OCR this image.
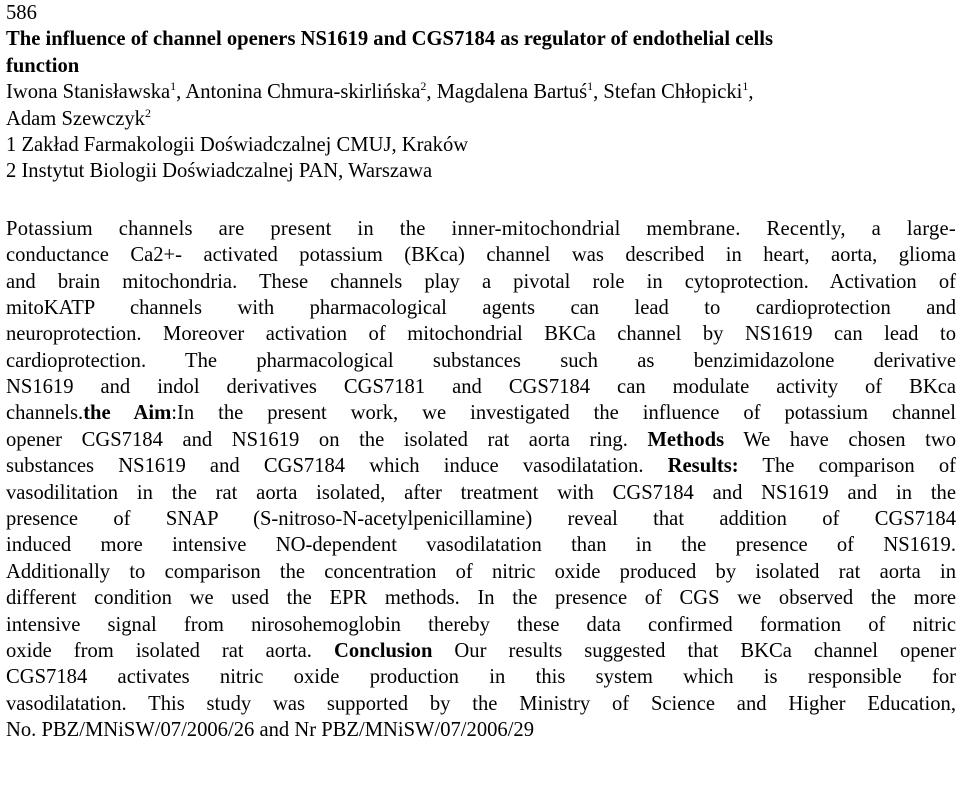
586
The influence of channel openers NS1619 and CGS7184 as regulator of endothelial cells
function
Iwona Stanisławska$^1$, Antonina Chmura-skirlińska$^2$, Magdalena Bartuś$^1$, Stefan Chłopicki$^1$,
Adam Szewczyk$^2$
1 Zakład Farmakologii Doświadczalnej CMUJ, Kraków
2 Instytut Biologii Doświadczalnej PAN, Warszawa
Potassium channels are present in the inner-mitochondrial membrane. Recently, a large-
conductance Ca2+- activated potassium (BKca) channel was described in heart, aorta, glioma
and brain mitochondria. These channels play a pivotal role in cytoprotection. Activation of
mitoKATP channels with pharmacological agents can lead to cardioprotection and
neuroprotection. Moreover activation of mitochondrial BKCa channel by NS1619 can lead to
cardioprotection. The pharmacological substances such as benzimidazolone derivative
NS1619 and indol derivatives CGS7181 and CGS7184 can modulate activity of BKca
channels.the Aim:In the present work, we investigated the influence of potassium channel
opener CGS7184 and NS1619 on the isolated rat aorta ring. Methods We have chosen two
substances NS1619 and CGS7184 which induce vasodilatation. Results: The comparison of
vasodilitation in the rat aorta isolated, after treatment with CGS7184 and NS1619 and in the
presence of SNAP (S-nitroso-N-acetylpenicillamine) reveal that addition of CGS7184
induced more intensive NO-dependent vasodilatation than in the presence of NS1619.
Additionally to comparison the concentration of nitric oxide produced by isolated rat aorta in
different condition we used the EPR methods. In the presence of CGS we observed the more
intensive signal from nirosohemoglobin thereby these data confirmed formation of nitric
oxide from isolated rat aorta. Conclusion Our results suggested that BKCa channel opener
CGS7184 activates nitric oxide production in this system which is responsible for
vasodilatation. This study was supported by the Ministry of Science and Higher Education,
No. PBZ/MNiSW/07/2006/26 and Nr PBZ/MNiSW/07/2006/29
